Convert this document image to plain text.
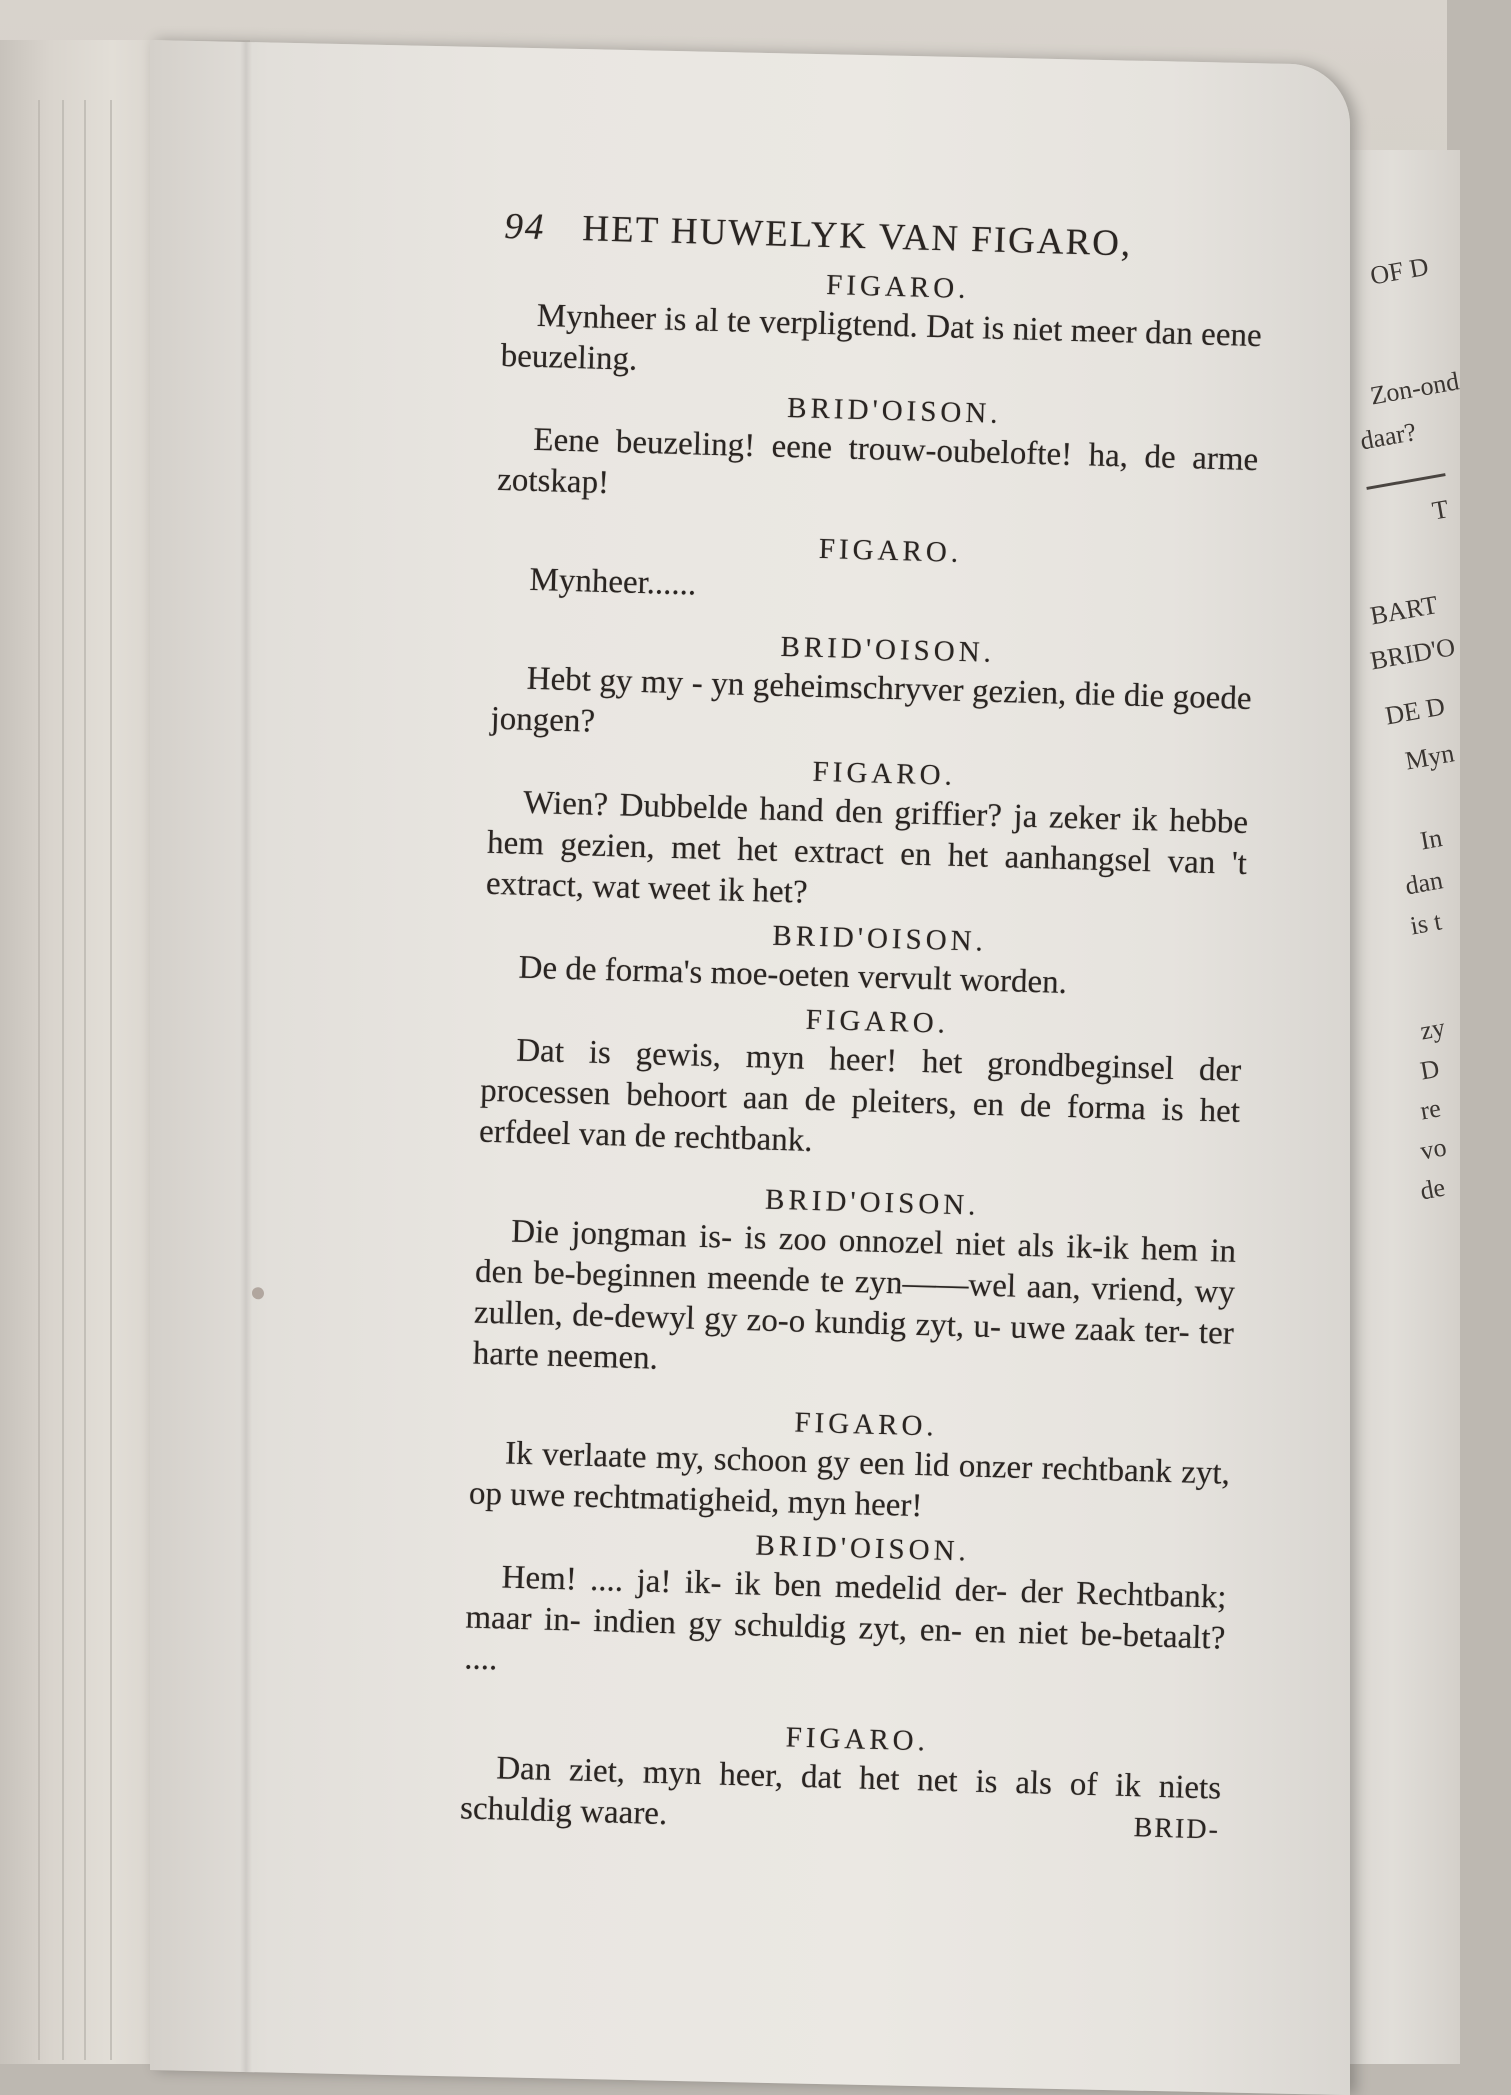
OF D
Zon-ond
daar?
T
BART
BRID'O
DE D
Myn
In
dan
is t
zy
D
re
vo
de
94 HET HUWELYK VAN FIGARO,
FIGARO.
Mynheer is al te verpligtend. Dat is niet meer dan eene beuzeling.
BRID'OISON.
Eene beuzeling! eene trouw-oubelofte! ha, de arme zotskap!
FIGARO.
Mynheer......
BRID'OISON.
Hebt gy my - yn geheimschryver gezien, die die goede jongen?
FIGARO.
Wien? Dubbelde hand den griffier? ja zeker ik hebbe hem gezien, met het extract en het aanhangsel van 't extract, wat weet ik het?
BRID'OISON.
De de forma's moe-oeten vervult worden.
FIGARO.
Dat is gewis, myn heer! het grondbeginsel der processen behoort aan de pleiters, en de forma is het erfdeel van de rechtbank.
BRID'OISON.
Die jongman is- is zoo onnozel niet als ik-ik hem in den be-beginnen meende te zyn——wel aan, vriend, wy zullen, de-dewyl gy zo-o kundig zyt, u- uwe zaak ter- ter harte neemen.
FIGARO.
Ik verlaate my, schoon gy een lid onzer rechtbank zyt, op uwe rechtmatigheid, myn heer!
BRID'OISON.
Hem! .... ja! ik- ik ben medelid der- der Rechtbank; maar in- indien gy schuldig zyt, en- en niet be-betaalt? ....
FIGARO.
Dan ziet, myn heer, dat het net is als of ik niets schuldig waare.	BRID-
